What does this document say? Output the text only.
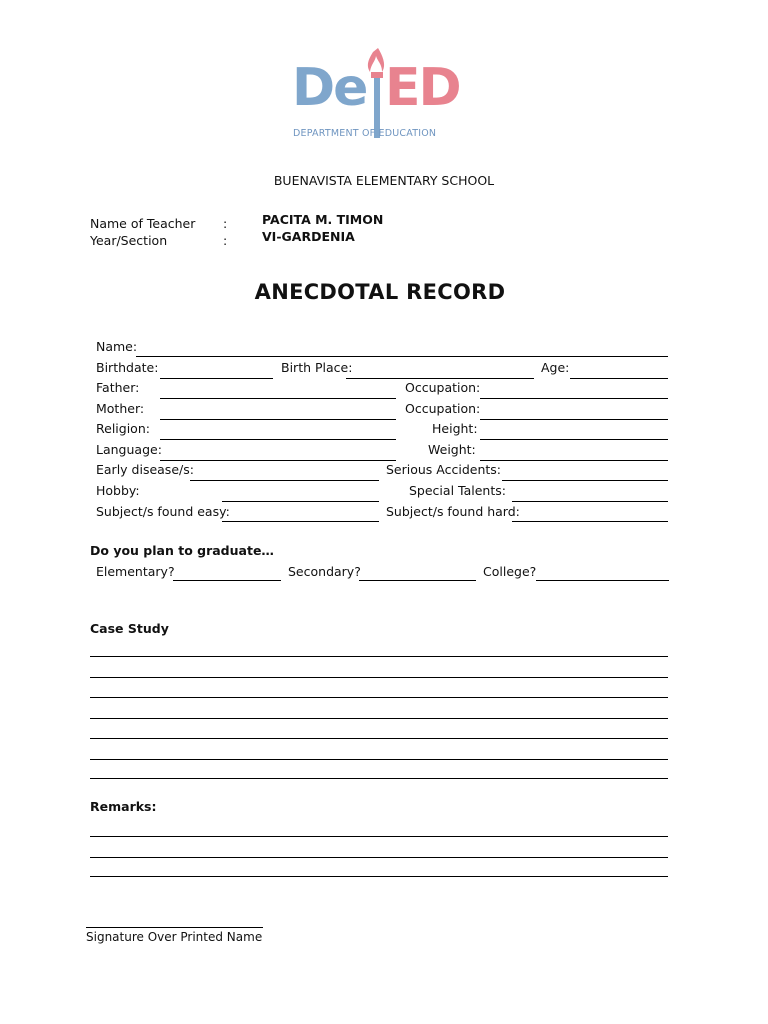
De ED
DEPARTMENT OF EDUCATION
BUENAVISTA ELEMENTARY SCHOOL
Name of Teacher :	PACITA M. TIMON
Year/Section	:	VI-GARDENIA
ANECDOTAL RECORD
Name:
Birthdate:	Birth Place:	Age:
Father:	Occupation:
Mother:	Occupation:
Religion:	Height:
Language:	Weight:
Early disease/s:	Serious Accidents:
Hobby:	Special Talents:
Subject/s found easy:	Subject/s found hard:
Do you plan to graduate…
Elementary?	Secondary?	College?
Case Study
Remarks:
Signature Over Printed Name
